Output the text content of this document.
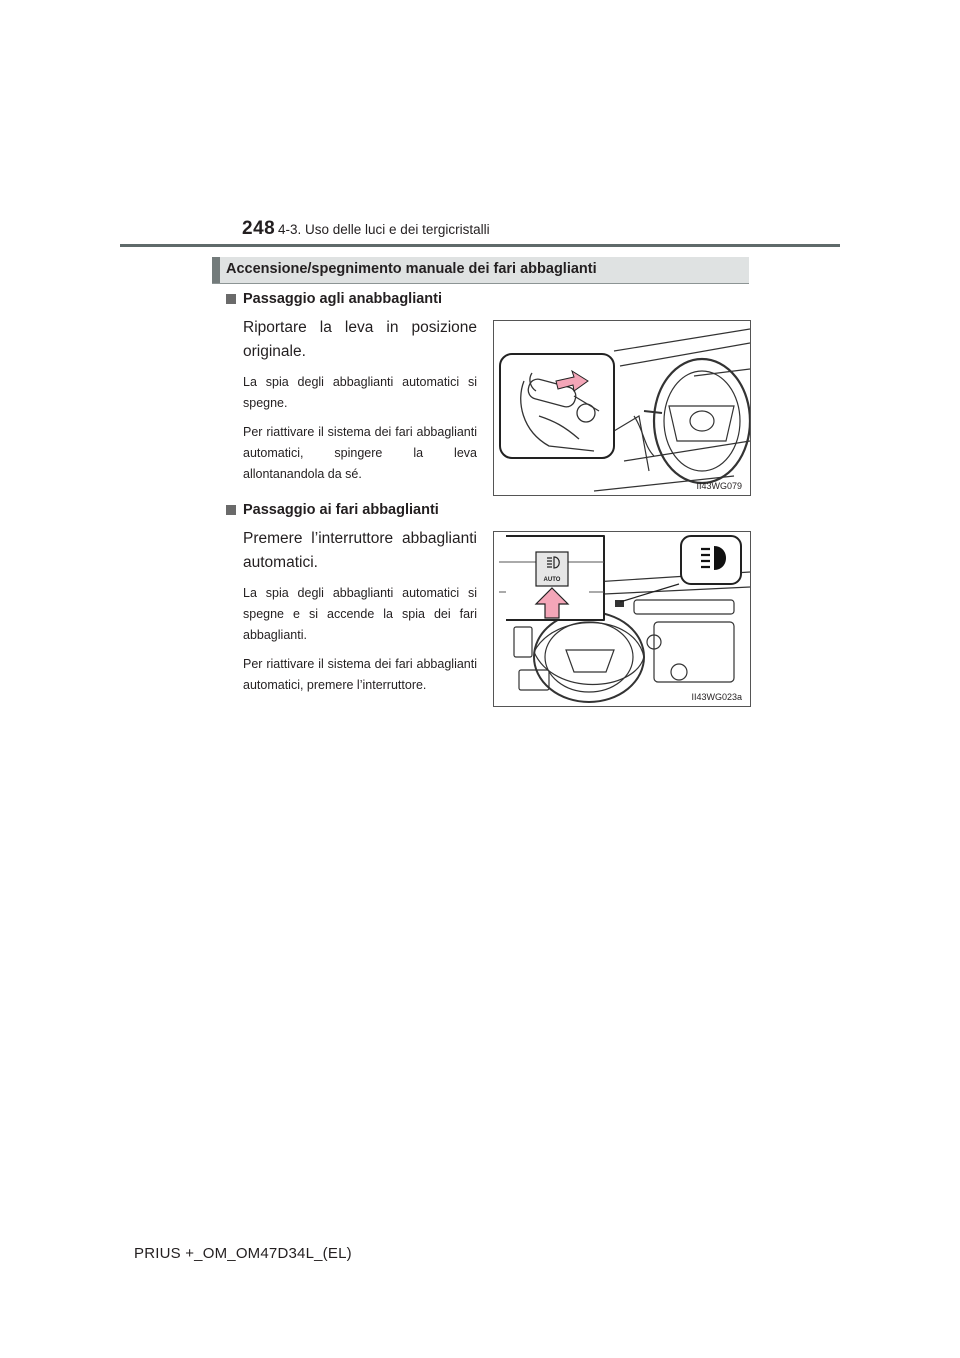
248 4-3. Uso delle luci e dei tergicristalli
Accensione/spegnimento manuale dei fari abbaglianti
Passaggio agli anabbaglianti
Riportare la leva in posizione originale.
La spia degli abbaglianti automatici si spegne.
Per riattivare il sistema dei fari abbaglianti automatici, spingere la leva allontanandola da sé.
II43WG079
Passaggio ai fari abbaglianti
Premere l’interruttore abbaglianti automatici.
La spia degli abbaglianti automatici si spegne e si accende la spia dei fari abbaglianti.
Per riattivare il sistema dei fari abbaglianti automatici, premere l’interruttore.
AUTO
II43WG023a
PRIUS +_OM_OM47D34L_(EL)
